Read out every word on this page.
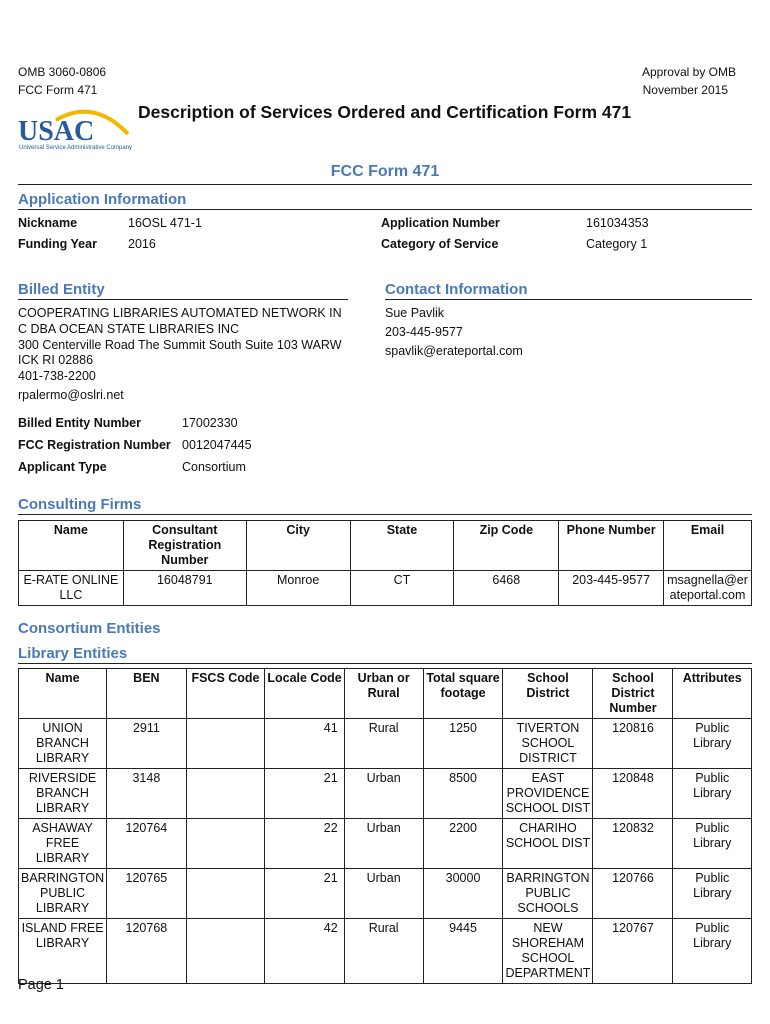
OMB 3060-0806
FCC Form 471
Approval by OMB
November 2015
USAC
Universal Service Administrative Company
Description of Services Ordered and Certification Form 471
FCC Form 471
Application Information
Nickname	16OSL 471-1	Application Number	161034353
Funding Year 2016	Category of Service	Category 1
Billed Entity
COOPERATING LIBRARIES AUTOMATED NETWORK IN
C DBA OCEAN STATE LIBRARIES INC
300 Centerville Road The Summit South Suite 103 WARW
ICK RI 02886
401-738-2200
rpalermo@oslri.net
Contact Information
Sue Pavlik
203-445-9577
spavlik@erateportal.com
Billed Entity Number	17002330
FCC Registration Number 0012047445
Applicant Type	Consortium
Consulting Firms
Name	Consultant Registration Number	City	State	Zip Code	Phone Number	Email
E-RATE ONLINE LLC	16048791	Monroe	CT	6468	203-445-9577	msagnella@erateportal.com
Consortium Entities
Library Entities
Name	BEN	FSCS Code	Locale Code	Urban or Rural	Total square footage	School District	School District Number	Attributes
UNION BRANCH LIBRARY	2911		41	Rural	1250	TIVERTON SCHOOL DISTRICT	120816	Public Library
RIVERSIDE BRANCH LIBRARY	3148		21	Urban	8500	EAST PROVIDENCE SCHOOL DIST	120848	Public Library
ASHAWAY FREE LIBRARY	120764		22	Urban	2200	CHARIHO SCHOOL DIST	120832	Public Library
BARRINGTON PUBLIC LIBRARY	120765		21	Urban	30000	BARRINGTON PUBLIC SCHOOLS	120766	Public Library
ISLAND FREE LIBRARY	120768		42	Rural	9445	NEW SHOREHAM SCHOOL DEPARTMENT	120767	Public Library
Page 1
